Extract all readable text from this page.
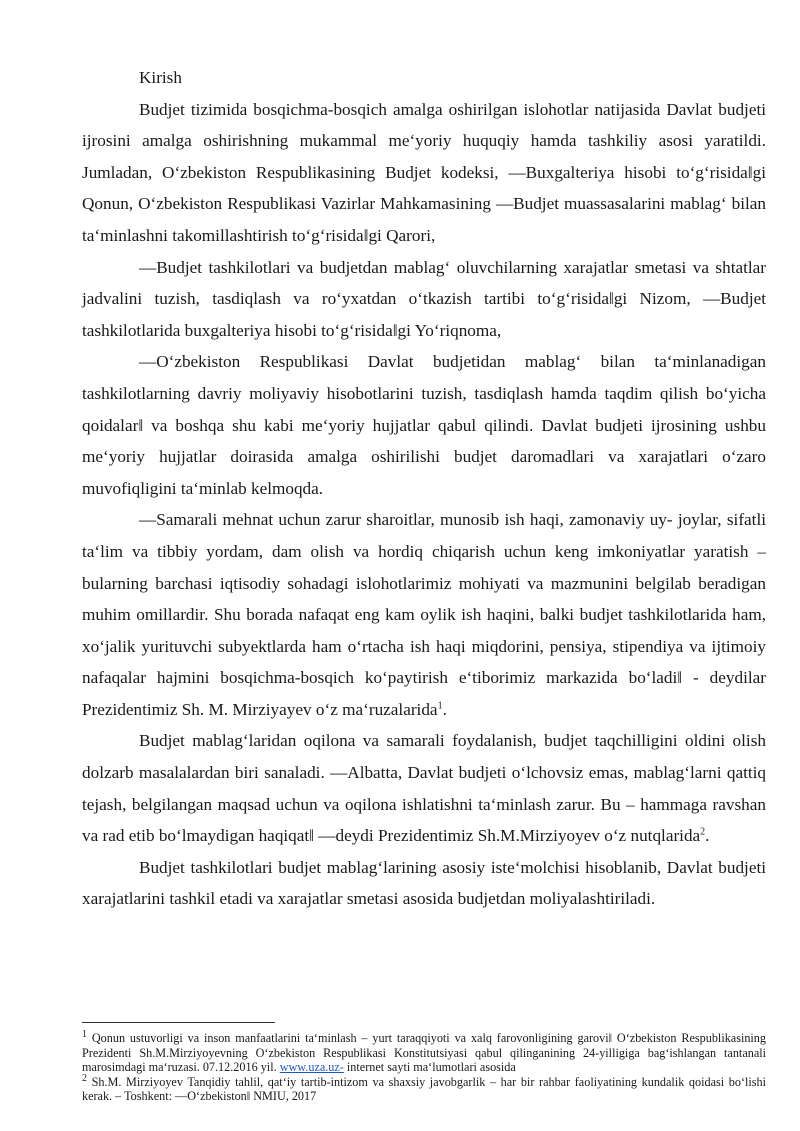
Kirish

Budjet tizimida bosqichma-bosqich amalga oshirilgan islohotlar natijasida Davlat budjeti ijrosini amalga oshirishning mukammal me‘yoriy huquqiy hamda tashkiliy asosi yaratildi. Jumladan, O‘zbekiston Respublikasining Budjet kodeksi, ―Buxgalteriya hisobi to‘g‘risida‖gi Qonun, O‘zbekiston Respublikasi Vazirlar Mahkamasining ―Budjet muassasalarini mablag‘ bilan ta‘minlashni takomillashtirish to‘g‘risida‖gi Qarori,

―Budjet tashkilotlari va budjetdan mablag‘ oluvchilarning xarajatlar smetasi va shtatlar jadvalini tuzish, tasdiqlash va ro‘yxatdan o‘tkazish tartibi to‘g‘risida‖gi Nizom, ―Budjet tashkilotlarida buxgalteriya hisobi to‘g‘risida‖gi Yo‘riqnoma,

―O‘zbekiston Respublikasi Davlat budjetidan mablag‘ bilan ta‘minlanadigan tashkilotlarning davriy moliyaviy hisobotlarini tuzish, tasdiqlash hamda taqdim qilish bo‘yicha qoidalar‖ va boshqa shu kabi me‘yoriy hujjatlar qabul qilindi. Davlat budjeti ijrosining ushbu me‘yoriy hujjatlar doirasida amalga oshirilishi budjet daromadlari va xarajatlari o‘zaro muvofiqligini ta‘minlab kelmoqda.

―Samarali mehnat uchun zarur sharoitlar, munosib ish haqi, zamonaviy uy- joylar, sifatli ta‘lim va tibbiy yordam, dam olish va hordiq chiqarish uchun keng imkoniyatlar yaratish – bularning barchasi iqtisodiy sohadagi islohotlarimiz mohiyati va mazmunini belgilab beradigan muhim omillardir. Shu borada nafaqat eng kam oylik ish haqini, balki budjet tashkilotlarida ham, xo‘jalik yurituvchi subyektlarda ham o‘rtacha ish haqi miqdorini, pensiya, stipendiya va ijtimoiy nafaqalar hajmini bosqichma-bosqich ko‘paytirish e‘tiborimiz markazida bo‘ladi‖ - deydilar Prezidentimiz Sh. M. Mirziyayev o‘z ma‘ruzalarida$^1$.

Budjet mablag‘laridan oqilona va samarali foydalanish, budjet taqchilligini oldini olish dolzarb masalalardan biri sanaladi. ―Albatta, Davlat budjeti o‘lchovsiz emas, mablag‘larni qattiq tejash, belgilangan maqsad uchun va oqilona ishlatishni ta‘minlash zarur. Bu – hammaga ravshan va rad etib bo‘lmaydigan haqiqat‖ ―deydi Prezidentimiz Sh.M.Mirziyoyev o‘z nutqlarida$^2$.

Budjet tashkilotlari budjet mablag‘larining asosiy iste‘molchisi hisoblanib, Davlat budjeti xarajatlarini tashkil etadi va xarajatlar smetasi asosida budjetdan moliyalashtiriladi.

$^1$ Qonun ustuvorligi va inson manfaatlarini ta‘minlash – yurt taraqqiyoti va xalq farovonligining garovi‖ O‘zbekiston Respublikasining Prezidenti Sh.M.Mirziyoyevning O‘zbekiston Respublikasi Konstitutsiyasi qabul qilinganining 24-yilligiga bag‘ishlangan tantanali marosimdagi ma‘ruzasi. 07.12.2016 yil. www.uza.uz- internet sayti ma‘lumotlari asosida

$^2$ Sh.M. Mirziyoyev Tanqidiy tahlil, qat‘iy tartib-intizom va shaxsiy javobgarlik – har bir rahbar faoliyatining kundalik qoidasi bo‘lishi kerak. – Toshkent: ―O‘zbekiston‖ NMIU, 2017
